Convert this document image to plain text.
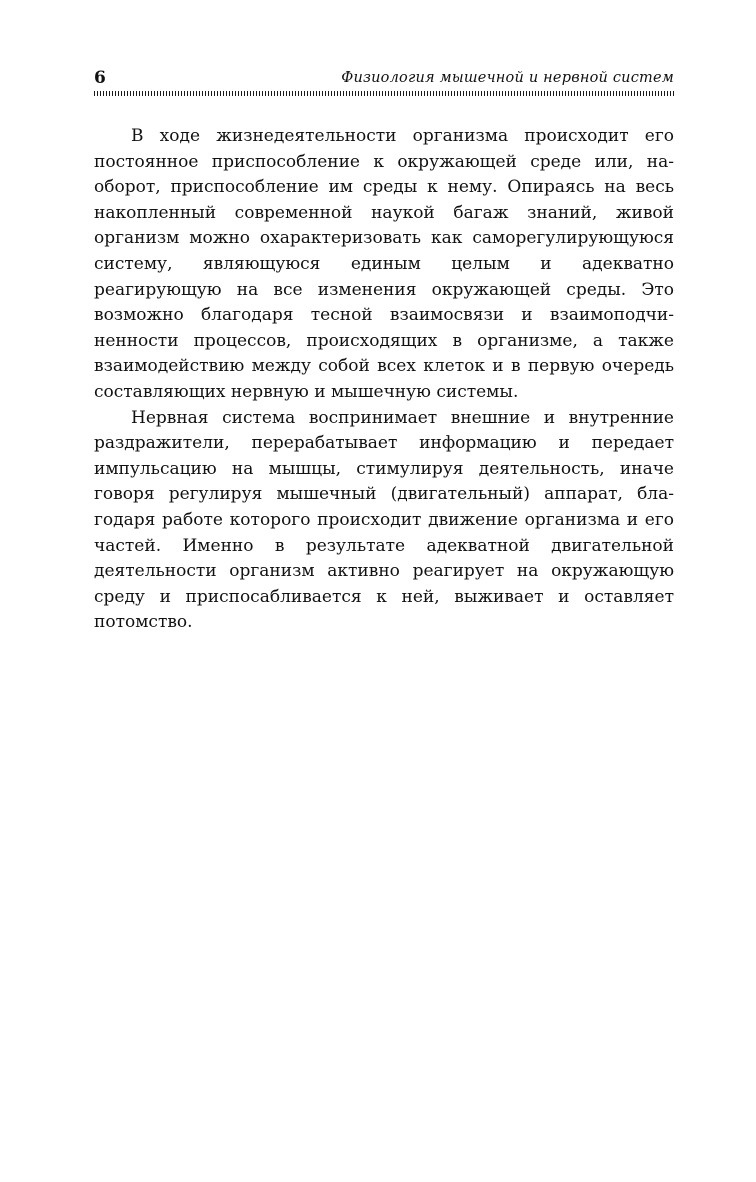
6	Физиология мышечной и нервной систем

В ходе жизнедеятельности организма происходит его постоянное приспособление к окружающей среде или, наоборот, приспособление им среды к нему. Опираясь на весь накопленный современной наукой багаж знаний, живой организм можно охарактеризовать как саморегулирующуюся систему, являющуюся единым целым и адекватно реагирующую на все изменения окружающей среды. Это возможно благодаря тесной взаимосвязи и взаимоподчиненности процессов, происходящих в организме, а также взаимодействию между собой всех клеток и в первую очередь составляющих нервную и мышечную системы.

Нервная система воспринимает внешние и внутренние раздражители, перерабатывает информацию и передает импульсацию на мышцы, стимулируя деятельность, иначе говоря регулируя мышечный (двигательный) аппарат, благодаря работе которого происходит движение организма и его частей. Именно в результате адекватной двигательной деятельности организм активно реагирует на окружающую среду и приспосабливается к ней, выживает и оставляет потомство.
